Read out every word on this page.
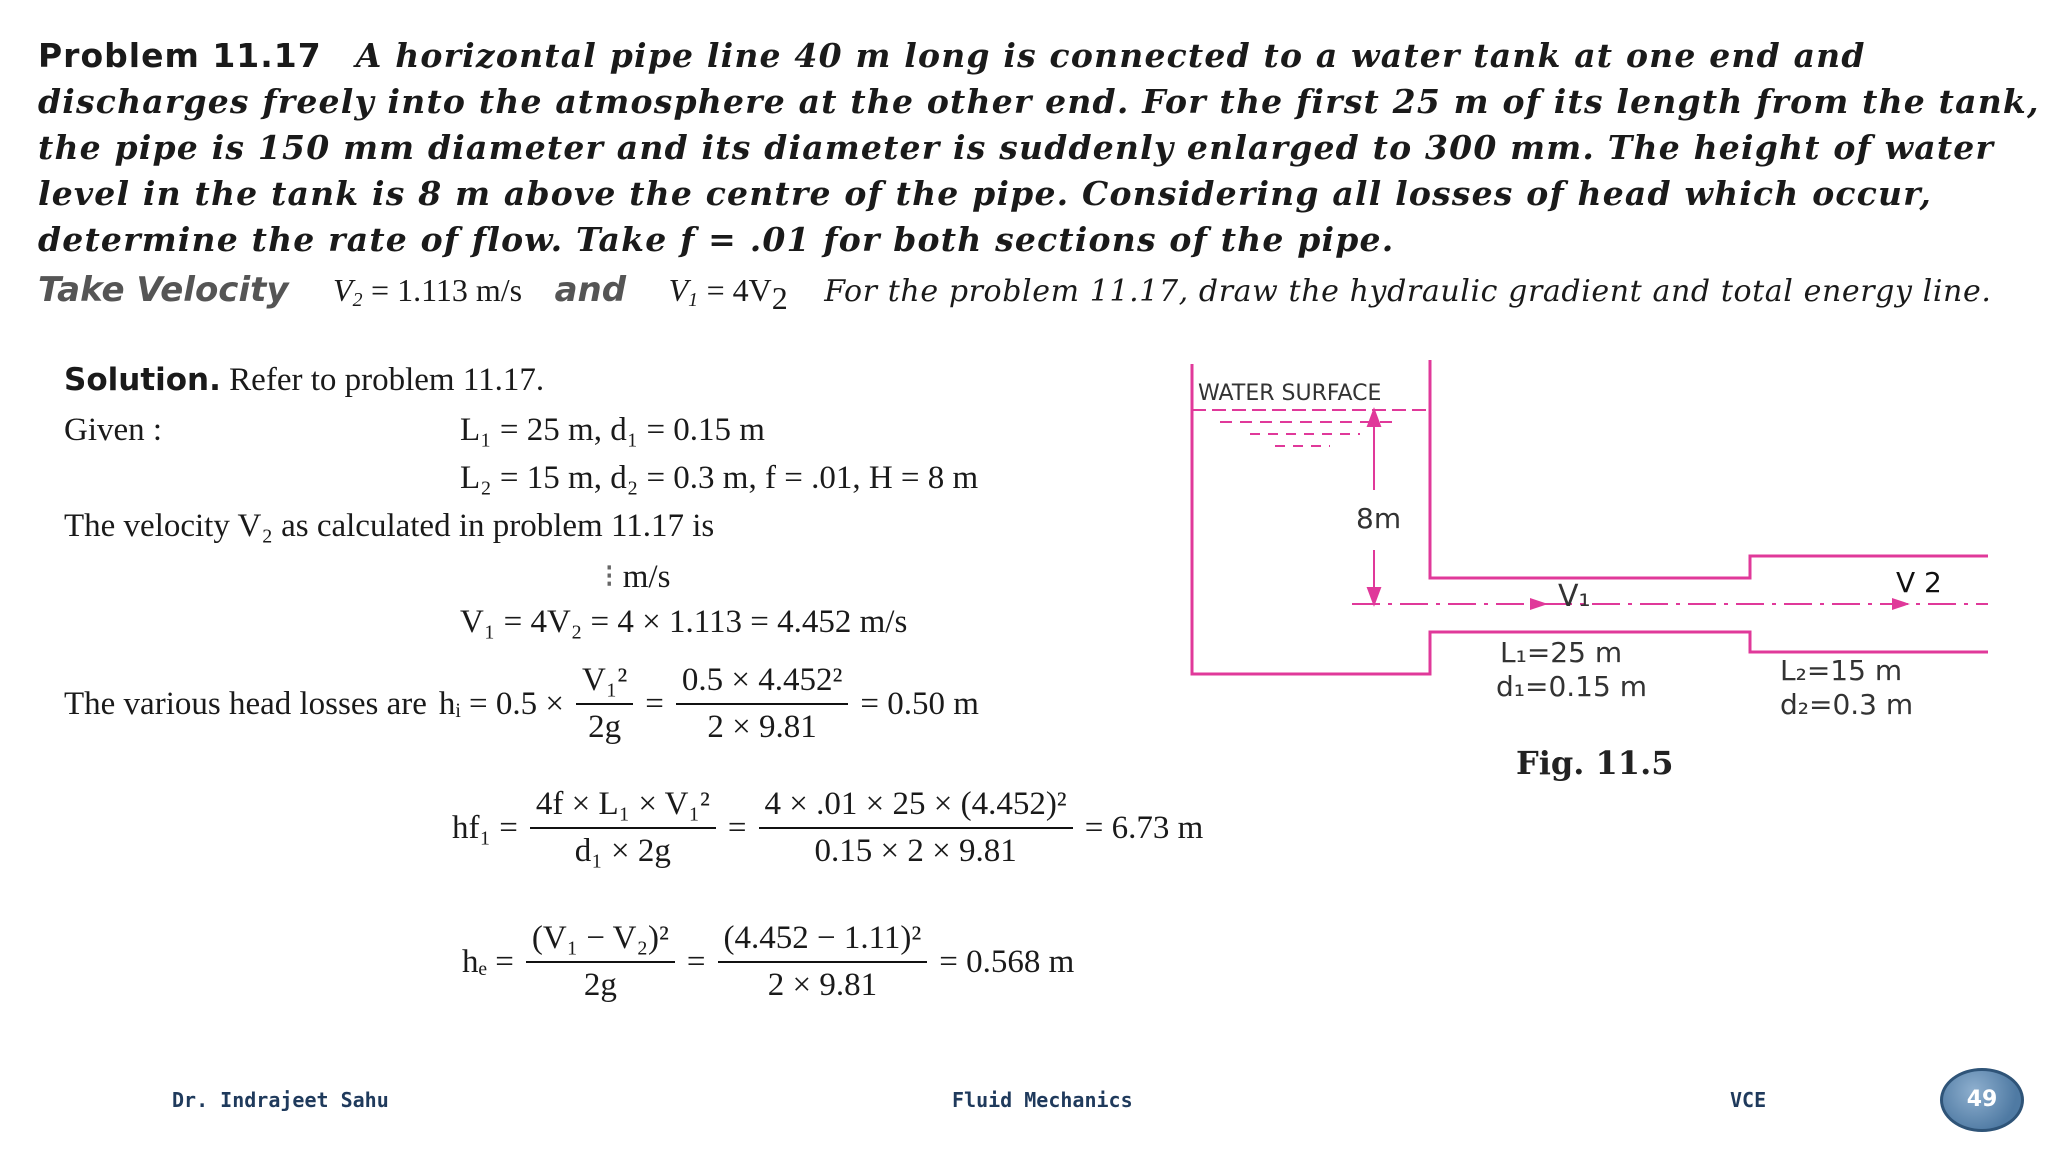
Problem 11.17 A horizontal pipe line 40 m long is connected to a water tank at one end and
discharges freely into the atmosphere at the other end. For the first 25 m of its length from the tank,
the pipe is 150 mm diameter and its diameter is suddenly enlarged to 300 mm. The height of water
level in the tank is 8 m above the centre of the pipe. Considering all losses of head which occur,
determine the rate of flow. Take f = .01 for both sections of the pipe.
Take Velocity $V_2 = 1.113$ m/s and $V_1 = 4V_2$ For the problem 11.17, draw the hydraulic gradient and total energy line.
Solution. Refer to problem 11.17.
Given :	L₁ = 25 m, d₁ = 0.15 m
L₂ = 15 m, d₂ = 0.3 m, f = .01, H = 8 m
The velocity V₂ as calculated in problem 11.17 is
⁝ m/s
V₁ = 4V₂ = 4 × 1.113 = 4.452 m/s
The various head losses are hᵢ = $0.5 \times \frac{\text{V₁²}}{2g} = \frac{\text{0.5 × 4.452²}}{2 \times 9.81} = 0.50$ m
$hf_1 = \frac{\text{4f × L₁ × V₁²}}{\text{d₁ × 2g}} = \frac{\text{4 × .01 × 25 × (4.452)²}}{0.15 \times 2 \times 9.81} = 6.73$ m
$h_e = \frac{\text{(V₁ − V₂)²}}{2g} = \frac{\text{(4.452 − 1.11)²}}{2 \times 9.81} = 0.568$ m
WATER SURFACE
8m
V₁	V 2
L₁=25 m
d₁=0.15 m	L₂=15 m
d₂=0.3 m
Fig. 11.5
Dr. Indrajeet Sahu	Fluid Mechanics	VCE	49
